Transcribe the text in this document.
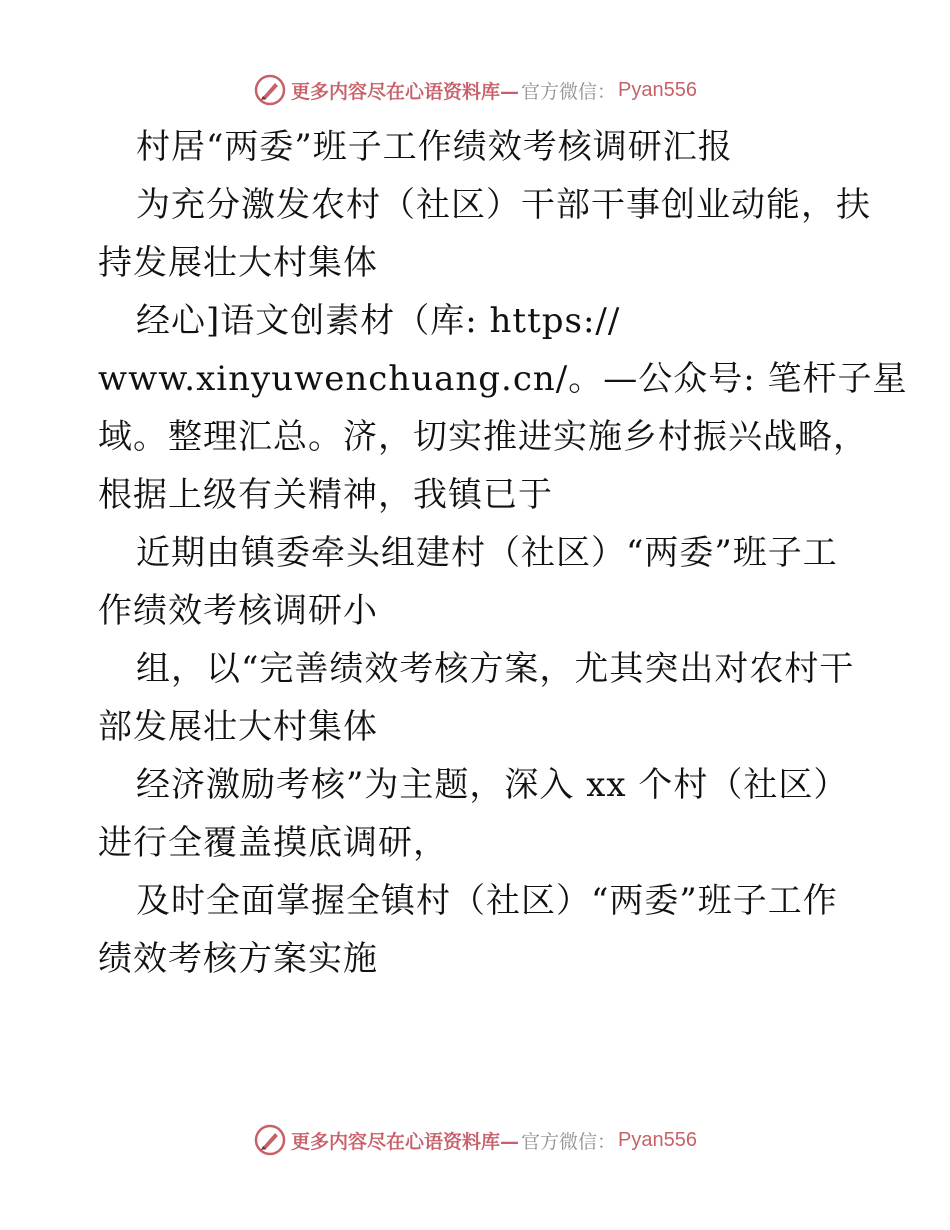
更多内容尽在心语资料库— 官方微信： Pyan556
村居“两委”班子工作绩效考核调研汇报
为充分激发农村（社区）干部干事创业动能，扶
持发展壮大村集体
经心]语文创素材（库: https://
www.xinyuwenchuang.cn/。—公众号: 笔杆子星
域。整理汇总。济，切实推进实施乡村振兴战略，
根据上级有关精神，我镇已于
近期由镇委牵头组建村（社区）“两委”班子工
作绩效考核调研小
组，以“完善绩效考核方案，尤其突出对农村干
部发展壮大村集体
经济激励考核”为主题，深入 xx 个村（社区）
进行全覆盖摸底调研，
及时全面掌握全镇村（社区）“两委”班子工作
绩效考核方案实施
更多内容尽在心语资料库— 官方微信： Pyan556
